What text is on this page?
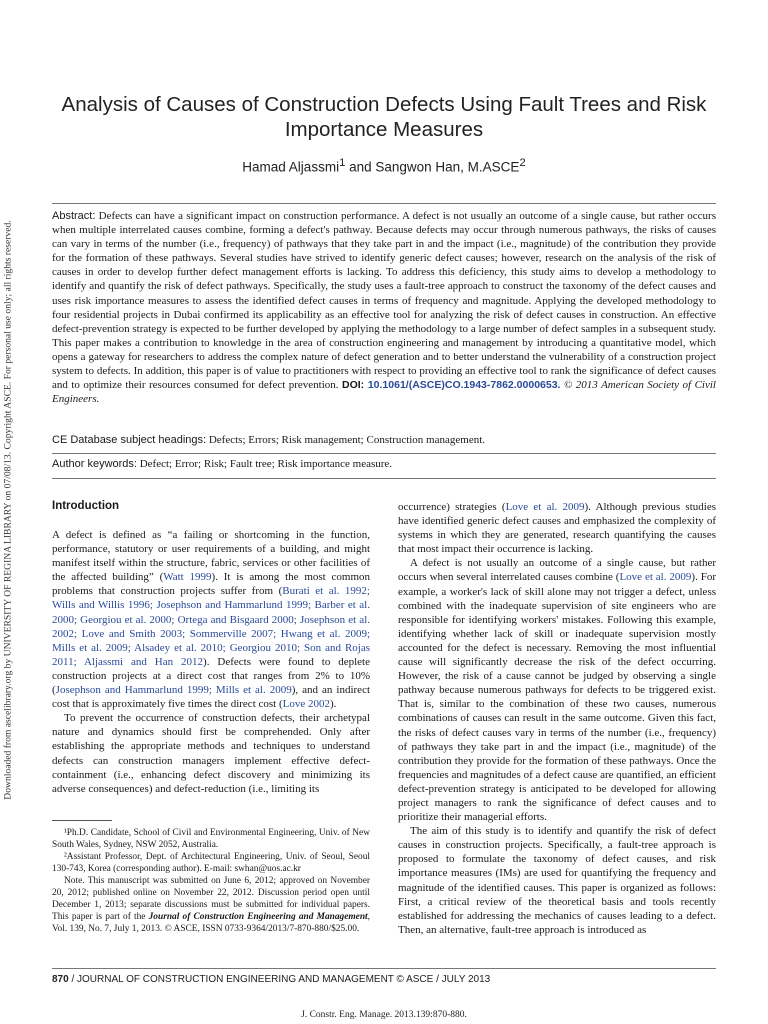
Downloaded from ascelibrary.org by UNIVERSITY OF REGINA LIBRARY on 07/08/13. Copyright ASCE. For personal use only; all rights reserved.
Analysis of Causes of Construction Defects Using Fault Trees and Risk Importance Measures
Hamad Aljassmi$^1$ and Sangwon Han, M.ASCE$^2$
Abstract: Defects can have a significant impact on construction performance. A defect is not usually an outcome of a single cause, but rather occurs when multiple interrelated causes combine, forming a defect's pathway. Because defects may occur through numerous pathways, the risks of causes can vary in terms of the number (i.e., frequency) of pathways that they take part in and the impact (i.e., magnitude) of the contribution they provide for the formation of these pathways. Several studies have strived to identify generic defect causes; however, research on the analysis of the risk of causes in order to develop further defect management efforts is lacking. To address this deficiency, this study aims to develop a methodology to identify and quantify the risk of defect pathways. Specifically, the study uses a fault-tree approach to construct the taxonomy of the defect causes and uses risk importance measures to assess the identified defect causes in terms of frequency and magnitude. Applying the developed methodology to four residential projects in Dubai confirmed its applicability as an effective tool for analyzing the risk of defect causes in construction. An effective defect-prevention strategy is expected to be further developed by applying the methodology to a large number of defect samples in a subsequent study. This paper makes a contribution to knowledge in the area of construction engineering and management by introducing a quantitative model, which opens a gateway for researchers to address the complex nature of defect generation and to better understand the vulnerability of a construction project system to defects. In addition, this paper is of value to practitioners with respect to providing an effective tool to rank the significance of defect causes and to optimize their resources consumed for defect prevention. DOI: 10.1061/(ASCE)CO.1943-7862.0000653. © 2013 American Society of Civil Engineers.
CE Database subject headings: Defects; Errors; Risk management; Construction management.
Author keywords: Defect; Error; Risk; Fault tree; Risk importance measure.
Introduction

A defect is defined as “a failing or shortcoming in the function, performance, statutory or user requirements of a building, and might manifest itself within the structure, fabric, services or other facilities of the affected building” (Watt 1999). It is among the most common problems that construction projects suffer from (Burati et al. 1992; Wills and Willis 1996; Josephson and Hammarlund 1999; Barber et al. 2000; Georgiou et al. 2000; Ortega and Bisgaard 2000; Josephson et al. 2002; Love and Smith 2003; Sommerville 2007; Hwang et al. 2009; Mills et al. 2009; Alsadey et al. 2010; Georgiou 2010; Son and Rojas 2011; Aljassmi and Han 2012). Defects were found to deplete construction projects at a direct cost that ranges from 2% to 10% (Josephson and Hammarlund 1999; Mills et al. 2009), and an indirect cost that is approximately five times the direct cost (Love 2002).

To prevent the occurrence of construction defects, their archetypal nature and dynamics should first be comprehended. Only after establishing the appropriate methods and techniques to understand defects can construction managers implement effective defect-containment (i.e., enhancing defect discovery and minimizing its adverse consequences) and defect-reduction (i.e., limiting its

¹Ph.D. Candidate, School of Civil and Environmental Engineering, Univ. of New South Wales, Sydney, NSW 2052, Australia.

²Assistant Professor, Dept. of Architectural Engineering, Univ. of Seoul, Seoul 130-743, Korea (corresponding author). E-mail: swhan@uos.ac.kr

Note. This manuscript was submitted on June 6, 2012; approved on November 20, 2012; published online on November 22, 2012. Discussion period open until December 1, 2013; separate discussions must be submitted for individual papers. This paper is part of the Journal of Construction Engineering and Management, Vol. 139, No. 7, July 1, 2013. © ASCE, ISSN 0733-9364/2013/7-870-880/$25.00.

occurrence) strategies (Love et al. 2009). Although previous studies have identified generic defect causes and emphasized the complexity of systems in which they are generated, research quantifying the causes that most impact their occurrence is lacking.

A defect is not usually an outcome of a single cause, but rather occurs when several interrelated causes combine (Love et al. 2009). For example, a worker's lack of skill alone may not trigger a defect, unless combined with the inadequate supervision of site engineers who are responsible for identifying workers' mistakes. Following this example, identifying whether lack of skill or inadequate supervision mostly accounted for the defect is necessary. Removing the most influential cause will significantly decrease the risk of the defect occurring. However, the risk of a cause cannot be judged by observing a single pathway because numerous pathways for defects to be triggered exist. That is, similar to the combination of these two causes, numerous combinations of causes can result in the same outcome. Given this fact, the risks of defect causes vary in terms of the number (i.e., frequency) of pathways they take part in and the impact (i.e., magnitude) of the contribution they provide for the formation of these pathways. Once the frequencies and magnitudes of a defect cause are quantified, an efficient defect-prevention strategy is anticipated to be developed for allowing project managers to rank the significance of defect causes and to prioritize their managerial efforts.

The aim of this study is to identify and quantify the risk of defect causes in construction projects. Specifically, a fault-tree approach is proposed to formulate the taxonomy of defect causes, and risk importance measures (IMs) are used for quantifying the frequency and magnitude of the identified causes. This paper is organized as follows: First, a critical review of the theoretical basis and tools recently established for addressing the mechanics of causes leading to a defect. Then, an alternative, fault-tree approach is introduced as

870 / JOURNAL OF CONSTRUCTION ENGINEERING AND MANAGEMENT © ASCE / JULY 2013
J. Constr. Eng. Manage. 2013.139:870-880.
